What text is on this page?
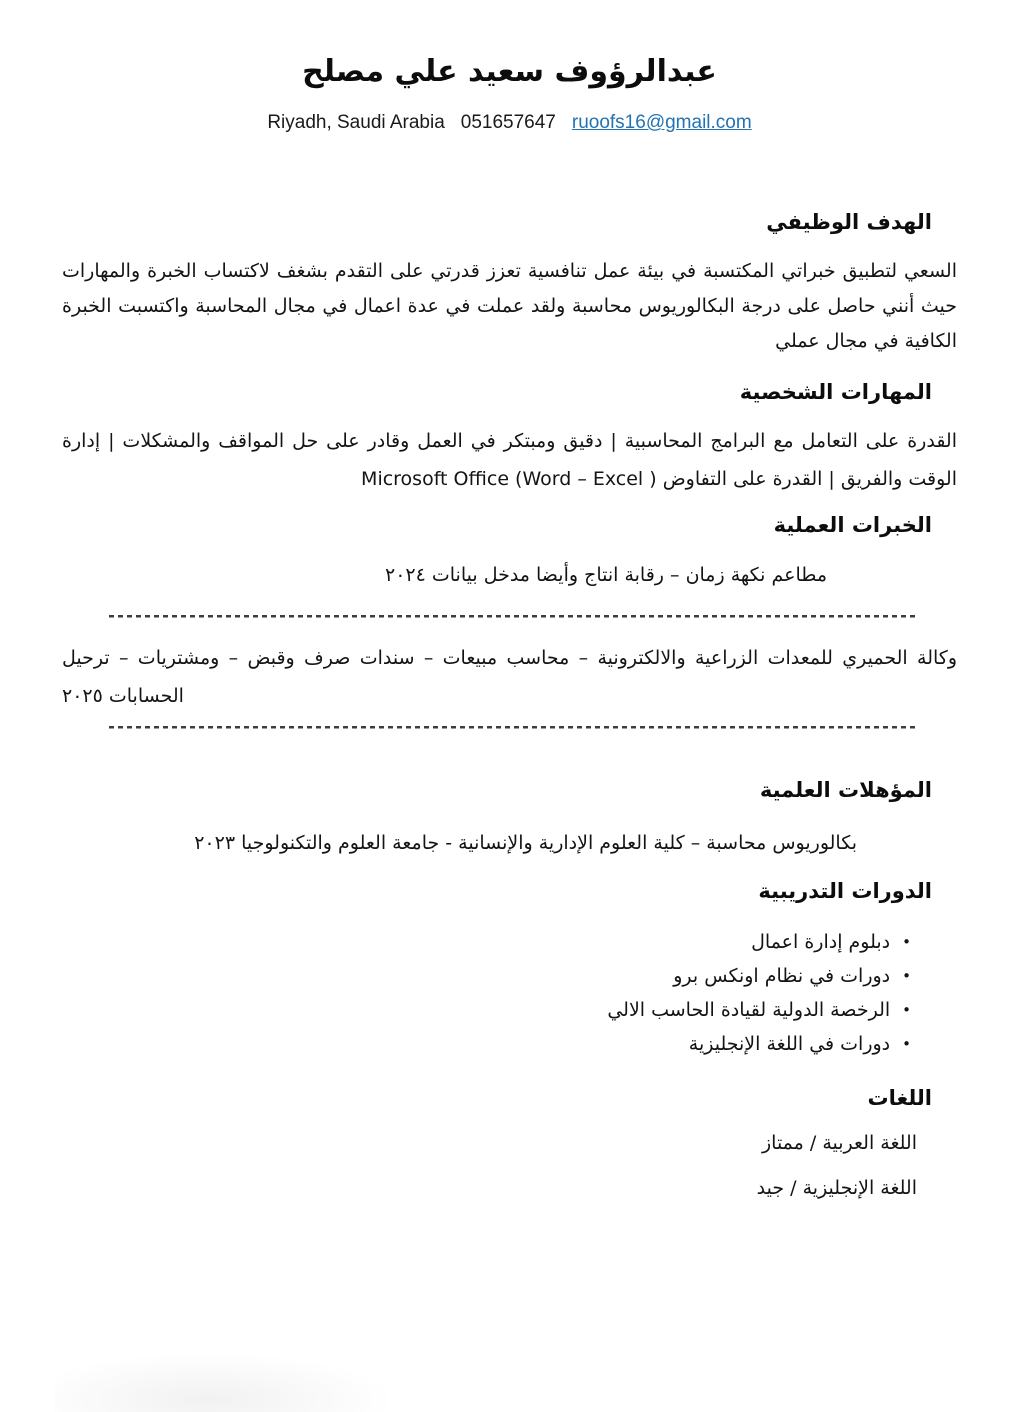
عبدالرؤوف سعيد علي مصلح
Riyadh, Saudi Arabia 051657647 ruoofs16@gmail.com
الهدف الوظيفي

السعي لتطبيق خبراتي المكتسبة في بيئة عمل تنافسية تعزز قدرتي على التقدم بشغف لاكتساب الخبرة والمهارات حيث أنني حاصل على درجة البكالوريوس محاسبة ولقد عملت في عدة اعمال في مجال المحاسبة واكتسبت الخبرة الكافية في مجال عملي

المهارات الشخصية

القدرة على التعامل مع البرامج المحاسبية | دقيق ومبتكر في العمل وقادر على حل المواقف والمشكلات | إدارة الوقت والفريق | القدرة على التفاوض Microsoft Office (Word – Excel )

الخبرات العملية

مطاعم نكهة زمان – رقابة انتاج وأيضا مدخل بيانات ٢٠٢٤

وكالة الحميري للمعدات الزراعية والالكترونية – محاسب مبيعات – سندات صرف وقبض – ومشتريات – ترحيل الحسابات ٢٠٢٥

المؤهلات العلمية

بكالوريوس محاسبة – كلية العلوم الإدارية والإنسانية - جامعة العلوم والتكنولوجيا ٢٠٢٣

الدورات التدريبية
•دبلوم إدارة اعمال
•دورات في نظام اونكس برو
•الرخصة الدولية لقيادة الحاسب الالي
•دورات في اللغة الإنجليزية
اللغات

اللغة العربية / ممتاز

اللغة الإنجليزية / جيد
